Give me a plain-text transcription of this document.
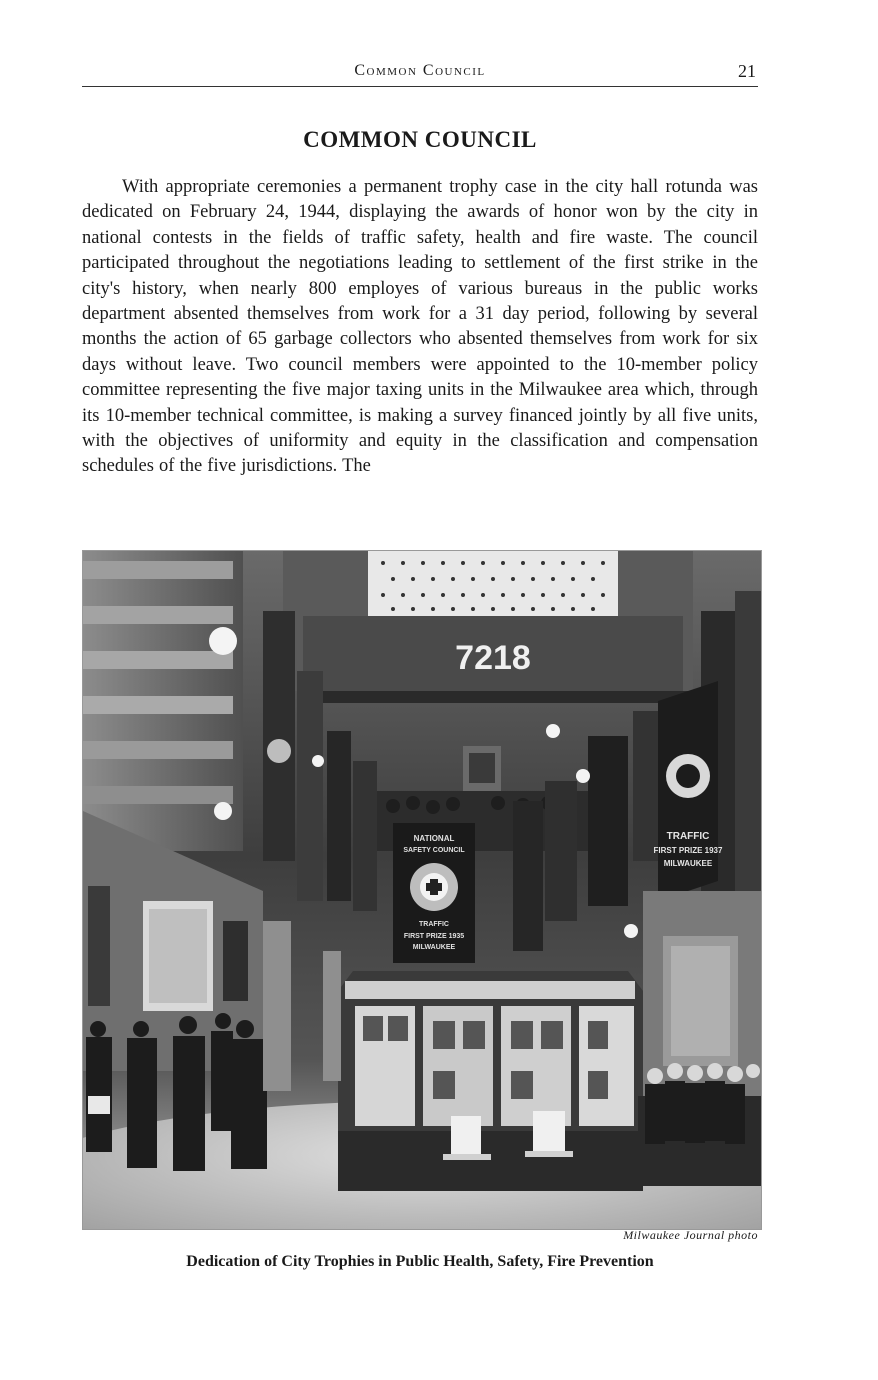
Common Council	21
COMMON COUNCIL

With appropriate ceremonies a permanent trophy case in the city hall rotunda was dedicated on February 24, 1944, displaying the awards of honor won by the city in national contests in the fields of traffic safety, health and fire waste. The council participated throughout the negotiations leading to settlement of the first strike in the city's history, when nearly 800 employes of various bureaus in the public works department absented themselves from work for a 31 day period, following by several months the action of 65 garbage collectors who absented themselves from work for six days without leave. Two council members were appointed to the 10-member policy committee representing the five major taxing units in the Milwaukee area which, through its 10-member technical committee, is making a survey financed jointly by all five units, with the objectives of uniformity and equity in the classification and compensation schedules of the five jurisdictions. The

7218
TRAFFIC
FIRST PRIZE 1937
MILWAUKEE
NATIONAL
SAFETY COUNCIL
TRAFFIC
FIRST PRIZE 1935
MILWAUKEE
Milwaukee Journal photo
Dedication of City Trophies in Public Health, Safety, Fire Prevention
